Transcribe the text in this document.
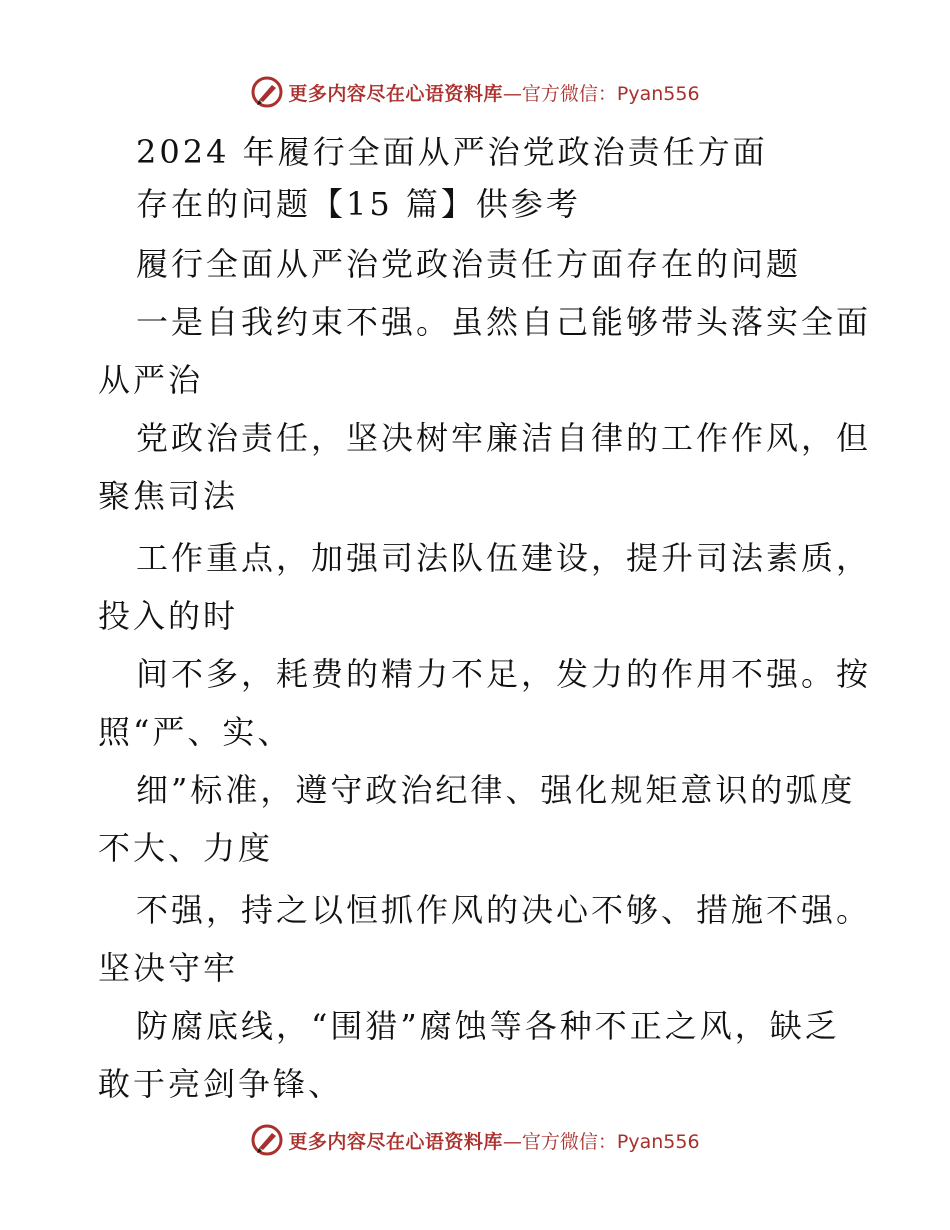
更多内容尽在心语资料库 —官方微信：Pyan556
2024 年履行全面从严治党政治责任方面
存在的问题【15 篇】供参考
履行全面从严治党政治责任方面存在的问题
一是自我约束不强。虽然自己能够带头落实全面
从严治
党政治责任，坚决树牢廉洁自律的工作作风，但
聚焦司法
工作重点，加强司法队伍建设，提升司法素质，
投入的时
间不多，耗费的精力不足，发力的作用不强。按
照“严、实、
细”标准，遵守政治纪律、强化规矩意识的弧度
不大、力度
不强，持之以恒抓作风的决心不够、措施不强。
坚决守牢
防腐底线，“围猎”腐蚀等各种不正之风，缺乏
敢于亮剑争锋、
更多内容尽在心语资料库 —官方微信：Pyan556
